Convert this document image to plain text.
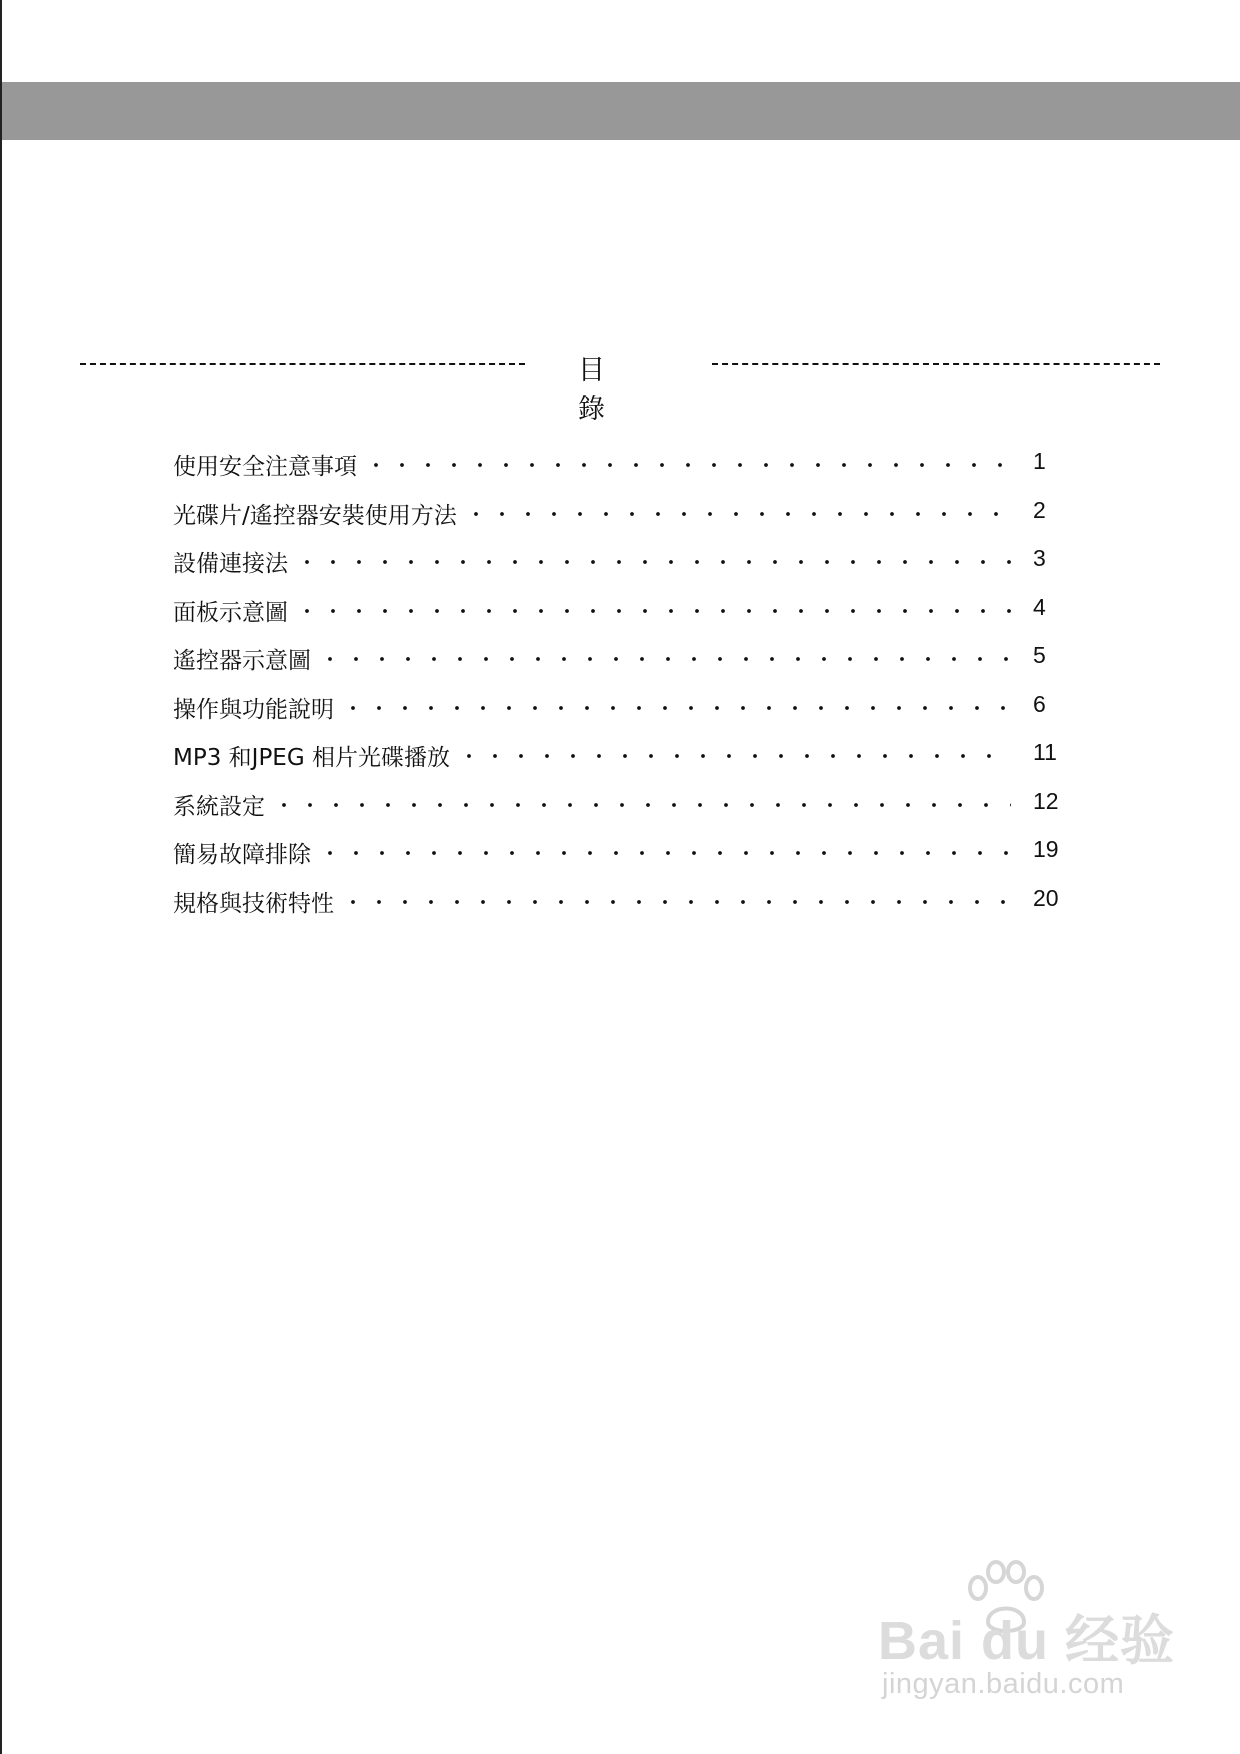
目　錄
使用安全注意事項	1
光碟片/遙控器安裝使用方法	2
設備連接法	3
面板示意圖	4
遙控器示意圖	5
操作與功能說明	6
MP3 和JPEG 相片光碟播放	11
系統設定	12
簡易故障排除	19
規格與技術特性	20
Bai du 经验
jingyan.baidu.com
